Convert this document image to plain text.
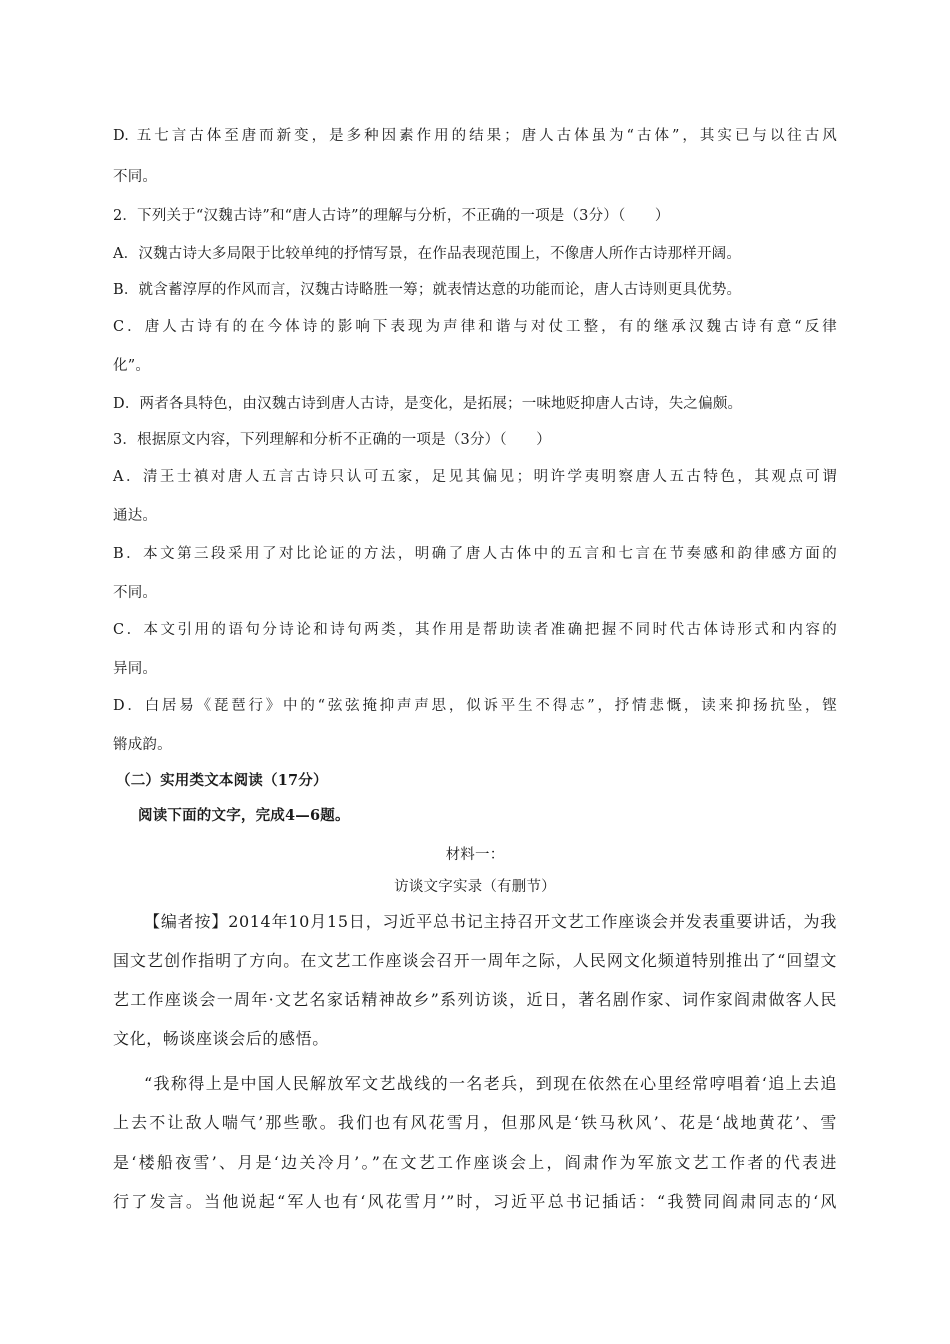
D. 五七言古体至唐而新变，是多种因素作用的结果；唐人古体虽为“古体”，其实已与以往古风
不同。
2．下列关于“汉魏古诗”和“唐人古诗”的理解与分析，不正确的一项是（3分）（　　）
A．汉魏古诗大多局限于比较单纯的抒情写景，在作品表现范围上，不像唐人所作古诗那样开阔。
B．就含蓄淳厚的作风而言，汉魏古诗略胜一筹；就表情达意的功能而论，唐人古诗则更具优势。
C．唐人古诗有的在今体诗的影响下表现为声律和谐与对仗工整，有的继承汉魏古诗有意“反律
化”。
D．两者各具特色，由汉魏古诗到唐人古诗，是变化，是拓展；一味地贬抑唐人古诗，失之偏颇。
3．根据原文内容，下列理解和分析不正确的一项是（3分）（　　）
A．清王士禛对唐人五言古诗只认可五家，足见其偏见；明许学夷明察唐人五古特色，其观点可谓
通达。
B．本文第三段采用了对比论证的方法，明确了唐人古体中的五言和七言在节奏感和韵律感方面的
不同。
C．本文引用的语句分诗论和诗句两类，其作用是帮助读者准确把握不同时代古体诗形式和内容的
异同。
D．白居易《琵琶行》中的“弦弦掩抑声声思，似诉平生不得志”，抒情悲慨，读来抑扬抗坠，铿
锵成韵。
（二）实用类文本阅读（17分）
阅读下面的文字，完成4—6题。
材料一：
访谈文字实录（有删节）
【编者按】2014年10月15日，习近平总书记主持召开文艺工作座谈会并发表重要讲话，为我
国文艺创作指明了方向。在文艺工作座谈会召开一周年之际，人民网文化频道特别推出了“回望文
艺工作座谈会一周年·文艺名家话精神故乡”系列访谈，近日，著名剧作家、词作家阎肃做客人民
文化，畅谈座谈会后的感悟。
“我称得上是中国人民解放军文艺战线的一名老兵，到现在依然在心里经常哼唱着‘追上去追
上去不让敌人喘气’那些歌。我们也有风花雪月，但那风是‘铁马秋风’、花是‘战地黄花’、雪
是‘楼船夜雪’、月是‘边关冷月’。”在文艺工作座谈会上，阎肃作为军旅文艺工作者的代表进
行了发言。当他说起“军人也有‘风花雪月’”时，习近平总书记插话：“我赞同阎肃同志的‘风
